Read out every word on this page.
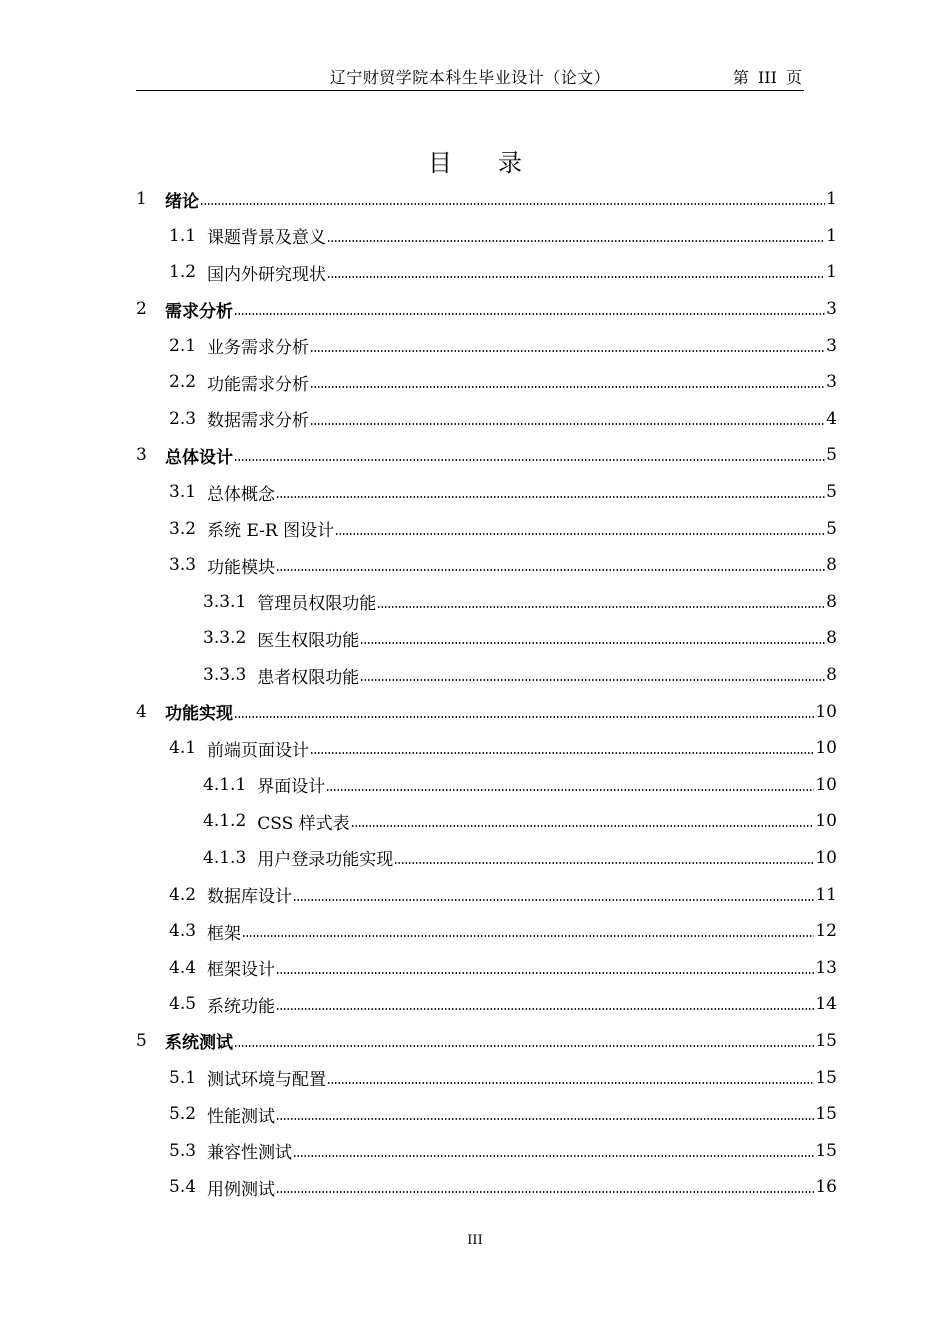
辽宁财贸学院本科生毕业设计（论文）	第 III 页
目录
1	绪论	1
1.1 课题背景及意义	1
1.2 国内外研究现状	1
2	需求分析	3
2.1 业务需求分析	3
2.2 功能需求分析	3
2.3 数据需求分析	4
3	总体设计	5
3.1 总体概念	5
3.2 系统 E-R 图设计	5
3.3 功能模块	8
3.3.1 管理员权限功能	8
3.3.2 医生权限功能	8
3.3.3 患者权限功能	8
4	功能实现	10
4.1 前端页面设计	10
4.1.1 界面设计	10
4.1.2 CSS 样式表	10
4.1.3 用户登录功能实现	10
4.2 数据库设计	11
4.3 框架	12
4.4 框架设计	13
4.5 系统功能	14
5	系统测试	15
5.1 测试环境与配置	15
5.2 性能测试	15
5.3 兼容性测试	15
5.4 用例测试	16
III
